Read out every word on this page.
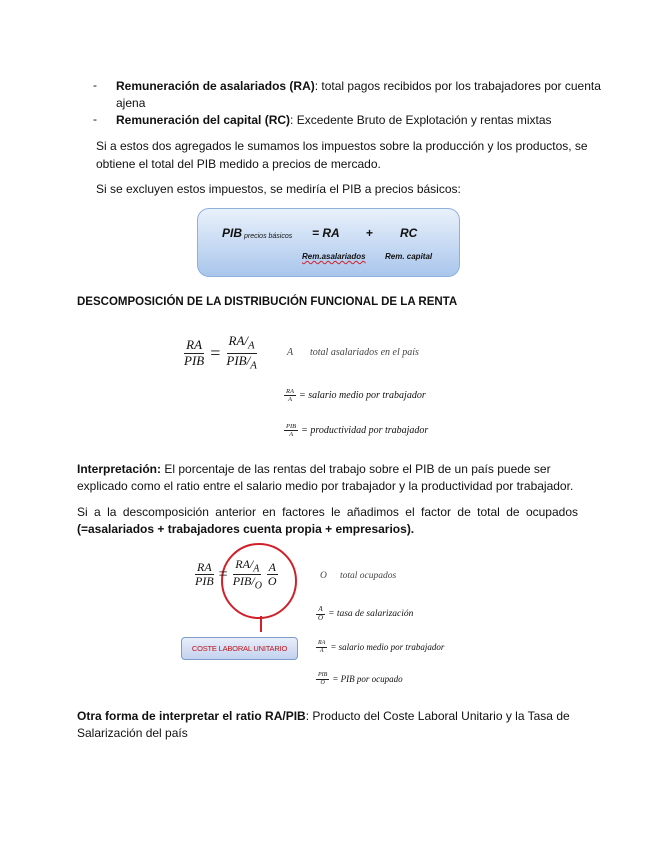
- Remuneración de asalariados (RA): total pagos recibidos por los trabajadores por cuenta
ajena
- Remuneración del capital (RC): Excedente Bruto de Explotación y rentas mixtas
Si a estos dos agregados le sumamos los impuestos sobre la producción y los productos, se
obtiene el total del PIB medido a precios de mercado.
Si se excluyen estos impuestos, se mediría el PIB a precios básicos:
PIB precios básicos = RA + RC
Rem.asalariados Rem. capital
DESCOMPOSICIÓN DE LA DISTRIBUCIÓN FUNCIONAL DE LA RENTA
$\frac{RA}{\text{PIB}} = \frac{RA/_A}{PIB/_A}$	A total asalariados en el país
$\frac{RA}{A}$ = salario medio por trabajador
$\frac{\text{PIB}}{A}$ = productividad por trabajador
Interpretación: El porcentaje de las rentas del trabajo sobre el PIB de un país puede ser
explicado como el ratio entre el salario medio por trabajador y la productividad por trabajador.
Si a la descomposición anterior en factores le añadimos el factor de total de ocupados
(=asalariados + trabajadores cuenta propia + empresarios).
$\frac{RA}{\text{PIB}} = \frac{RA/_A}{PIB/_O} \frac{A}{O}$	O total ocupados
COSTE LABORAL UNITARIO
$\frac{A}{O}$ = tasa de salarización
$\frac{RA}{A}$ = salario medio por trabajador
$\frac{\text{PIB}}{O}$ = PIB por ocupado
Otra forma de interpretar el ratio RA/PIB: Producto del Coste Laboral Unitario y la Tasa de
Salarización del país
